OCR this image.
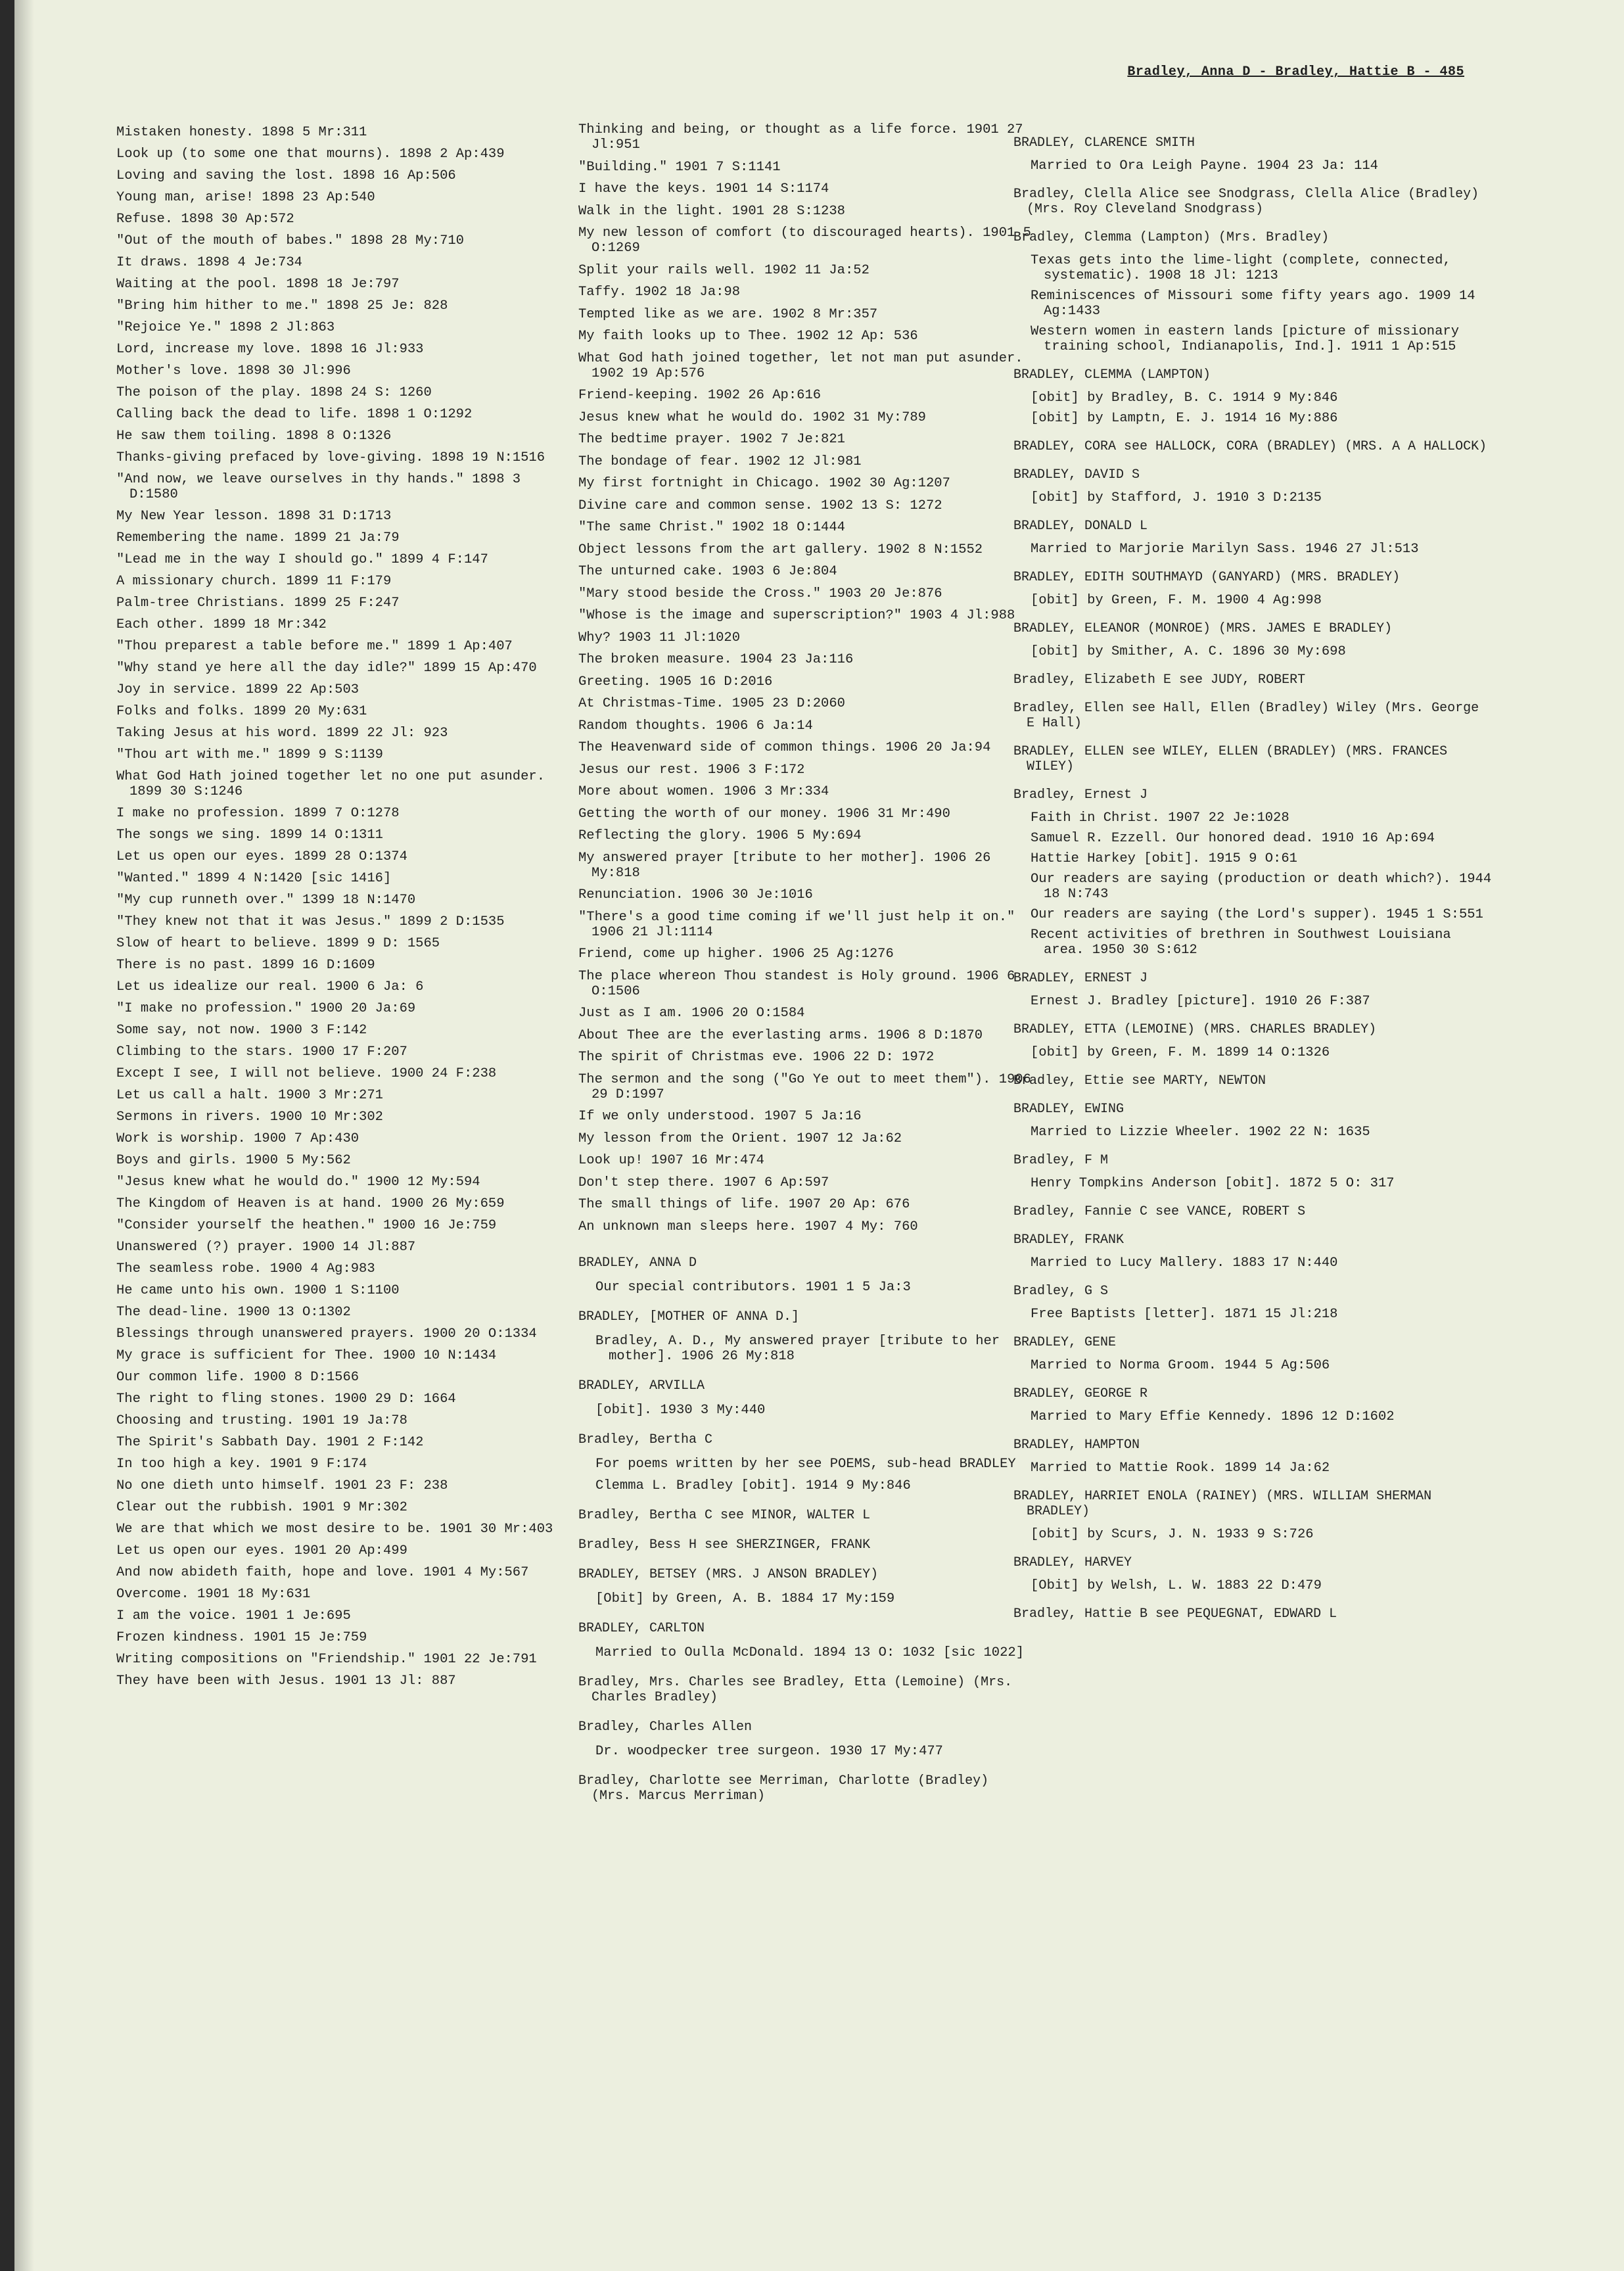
Bradley, Anna D - Bradley, Hattie B - 485
Mistaken honesty. 1898 5 Mr:311
Look up (to some one that mourns). 1898 2 Ap:439
Loving and saving the lost. 1898 16 Ap:506
Young man, arise! 1898 23 Ap:540
Refuse. 1898 30 Ap:572
"Out of the mouth of babes." 1898 28 My:710
It draws. 1898 4 Je:734
Waiting at the pool. 1898 18 Je:797
"Bring him hither to me." 1898 25 Je: 828
"Rejoice Ye." 1898 2 Jl:863
Lord, increase my love. 1898 16 Jl:933
Mother's love. 1898 30 Jl:996
The poison of the play. 1898 24 S: 1260
Calling back the dead to life. 1898 1 O:1292
He saw them toiling. 1898 8 O:1326
Thanks-giving prefaced by love-giving. 1898 19 N:1516
"And now, we leave ourselves in thy hands." 1898 3 D:1580
My New Year lesson. 1898 31 D:1713
Remembering the name. 1899 21 Ja:79
"Lead me in the way I should go." 1899 4 F:147
A missionary church. 1899 11 F:179
Palm-tree Christians. 1899 25 F:247
Each other. 1899 18 Mr:342
"Thou preparest a table before me." 1899 1 Ap:407
"Why stand ye here all the day idle?" 1899 15 Ap:470
Joy in service. 1899 22 Ap:503
Folks and folks. 1899 20 My:631
Taking Jesus at his word. 1899 22 Jl: 923
"Thou art with me." 1899 9 S:1139
What God Hath joined together let no one put asunder. 1899 30 S:1246
I make no profession. 1899 7 O:1278
The songs we sing. 1899 14 O:1311
Let us open our eyes. 1899 28 O:1374
"Wanted." 1899 4 N:1420 [sic 1416]
"My cup runneth over." 1399 18 N:1470
"They knew not that it was Jesus." 1899 2 D:1535
Slow of heart to believe. 1899 9 D: 1565
There is no past. 1899 16 D:1609
Let us idealize our real. 1900 6 Ja: 6
"I make no profession." 1900 20 Ja:69
Some say, not now. 1900 3 F:142
Climbing to the stars. 1900 17 F:207
Except I see, I will not believe. 1900 24 F:238
Let us call a halt. 1900 3 Mr:271
Sermons in rivers. 1900 10 Mr:302
Work is worship. 1900 7 Ap:430
Boys and girls. 1900 5 My:562
"Jesus knew what he would do." 1900 12 My:594
The Kingdom of Heaven is at hand. 1900 26 My:659
"Consider yourself the heathen." 1900 16 Je:759
Unanswered (?) prayer. 1900 14 Jl:887
The seamless robe. 1900 4 Ag:983
He came unto his own. 1900 1 S:1100
The dead-line. 1900 13 O:1302
Blessings through unanswered prayers. 1900 20 O:1334
My grace is sufficient for Thee. 1900 10 N:1434
Our common life. 1900 8 D:1566
The right to fling stones. 1900 29 D: 1664
Choosing and trusting. 1901 19 Ja:78
The Spirit's Sabbath Day. 1901 2 F:142
In too high a key. 1901 9 F:174
No one dieth unto himself. 1901 23 F: 238
Clear out the rubbish. 1901 9 Mr:302
We are that which we most desire to be. 1901 30 Mr:403
Let us open our eyes. 1901 20 Ap:499
And now abideth faith, hope and love. 1901 4 My:567
Overcome. 1901 18 My:631
I am the voice. 1901 1 Je:695
Frozen kindness. 1901 15 Je:759
Writing compositions on "Friendship." 1901 22 Je:791
They have been with Jesus. 1901 13 Jl: 887
Thinking and being, or thought as a life force. 1901 27 Jl:951
"Building." 1901 7 S:1141
I have the keys. 1901 14 S:1174
Walk in the light. 1901 28 S:1238
My new lesson of comfort (to discouraged hearts). 1901 5 O:1269
Split your rails well. 1902 11 Ja:52
Taffy. 1902 18 Ja:98
Tempted like as we are. 1902 8 Mr:357
My faith looks up to Thee. 1902 12 Ap: 536
What God hath joined together, let not man put asunder. 1902 19 Ap:576
Friend-keeping. 1902 26 Ap:616
Jesus knew what he would do. 1902 31 My:789
The bedtime prayer. 1902 7 Je:821
The bondage of fear. 1902 12 Jl:981
My first fortnight in Chicago. 1902 30 Ag:1207
Divine care and common sense. 1902 13 S: 1272
"The same Christ." 1902 18 O:1444
Object lessons from the art gallery. 1902 8 N:1552
The unturned cake. 1903 6 Je:804
"Mary stood beside the Cross." 1903 20 Je:876
"Whose is the image and superscription?" 1903 4 Jl:988
Why? 1903 11 Jl:1020
The broken measure. 1904 23 Ja:116
Greeting. 1905 16 D:2016
At Christmas-Time. 1905 23 D:2060
Random thoughts. 1906 6 Ja:14
The Heavenward side of common things. 1906 20 Ja:94
Jesus our rest. 1906 3 F:172
More about women. 1906 3 Mr:334
Getting the worth of our money. 1906 31 Mr:490
Reflecting the glory. 1906 5 My:694
My answered prayer [tribute to her mother]. 1906 26 My:818
Renunciation. 1906 30 Je:1016
"There's a good time coming if we'll just help it on." 1906 21 Jl:1114
Friend, come up higher. 1906 25 Ag:1276
The place whereon Thou standest is Holy ground. 1906 6 O:1506
Just as I am. 1906 20 O:1584
About Thee are the everlasting arms. 1906 8 D:1870
The spirit of Christmas eve. 1906 22 D: 1972
The sermon and the song ("Go Ye out to meet them"). 1906 29 D:1997
If we only understood. 1907 5 Ja:16
My lesson from the Orient. 1907 12 Ja:62
Look up! 1907 16 Mr:474
Don't step there. 1907 6 Ap:597
The small things of life. 1907 20 Ap: 676
An unknown man sleeps here. 1907 4 My: 760
BRADLEY, ANNA D
Our special contributors. 1901 1 5 Ja:3
BRADLEY, [MOTHER OF ANNA D.]
Bradley, A. D., My answered prayer [tribute to her mother]. 1906 26 My:818
BRADLEY, ARVILLA
[obit]. 1930 3 My:440
Bradley, Bertha C
For poems written by her see POEMS, sub-head BRADLEY
Clemma L. Bradley [obit]. 1914 9 My:846
Bradley, Bertha C see MINOR, WALTER L
Bradley, Bess H see SHERZINGER, FRANK
BRADLEY, BETSEY (MRS. J ANSON BRADLEY)
[Obit] by Green, A. B. 1884 17 My:159
BRADLEY, CARLTON
Married to Oulla McDonald. 1894 13 O: 1032 [sic 1022]
Bradley, Mrs. Charles see Bradley, Etta (Lemoine) (Mrs. Charles Bradley)
Bradley, Charles Allen
Dr. woodpecker tree surgeon. 1930 17 My:477
Bradley, Charlotte see Merriman, Charlotte (Bradley) (Mrs. Marcus Merriman)
BRADLEY, CLARENCE SMITH
Married to Ora Leigh Payne. 1904 23 Ja: 114
Bradley, Clella Alice see Snodgrass, Clella Alice (Bradley) (Mrs. Roy Cleveland Snodgrass)
Bradley, Clemma (Lampton) (Mrs. Bradley)
Texas gets into the lime-light (complete, connected, systematic). 1908 18 Jl: 1213
Reminiscences of Missouri some fifty years ago. 1909 14 Ag:1433
Western women in eastern lands [picture of missionary training school, Indianapolis, Ind.]. 1911 1 Ap:515
BRADLEY, CLEMMA (LAMPTON)
[obit] by Bradley, B. C. 1914 9 My:846
[obit] by Lamptn, E. J. 1914 16 My:886
BRADLEY, CORA see HALLOCK, CORA (BRADLEY) (MRS. A A HALLOCK)
BRADLEY, DAVID S
[obit] by Stafford, J. 1910 3 D:2135
BRADLEY, DONALD L
Married to Marjorie Marilyn Sass. 1946 27 Jl:513
BRADLEY, EDITH SOUTHMAYD (GANYARD) (MRS. BRADLEY)
[obit] by Green, F. M. 1900 4 Ag:998
BRADLEY, ELEANOR (MONROE) (MRS. JAMES E BRADLEY)
[obit] by Smither, A. C. 1896 30 My:698
Bradley, Elizabeth E see JUDY, ROBERT
Bradley, Ellen see Hall, Ellen (Bradley) Wiley (Mrs. George E Hall)
BRADLEY, ELLEN see WILEY, ELLEN (BRADLEY) (MRS. FRANCES WILEY)
Bradley, Ernest J
Faith in Christ. 1907 22 Je:1028
Samuel R. Ezzell. Our honored dead. 1910 16 Ap:694
Hattie Harkey [obit]. 1915 9 O:61
Our readers are saying (production or death which?). 1944 18 N:743
Our readers are saying (the Lord's supper). 1945 1 S:551
Recent activities of brethren in Southwest Louisiana area. 1950 30 S:612
BRADLEY, ERNEST J
Ernest J. Bradley [picture]. 1910 26 F:387
BRADLEY, ETTA (LEMOINE) (MRS. CHARLES BRADLEY)
[obit] by Green, F. M. 1899 14 O:1326
Bradley, Ettie see MARTY, NEWTON
BRADLEY, EWING
Married to Lizzie Wheeler. 1902 22 N: 1635
Bradley, F M
Henry Tompkins Anderson [obit]. 1872 5 O: 317
Bradley, Fannie C see VANCE, ROBERT S
BRADLEY, FRANK
Married to Lucy Mallery. 1883 17 N:440
Bradley, G S
Free Baptists [letter]. 1871 15 Jl:218
BRADLEY, GENE
Married to Norma Groom. 1944 5 Ag:506
BRADLEY, GEORGE R
Married to Mary Effie Kennedy. 1896 12 D:1602
BRADLEY, HAMPTON
Married to Mattie Rook. 1899 14 Ja:62
BRADLEY, HARRIET ENOLA (RAINEY) (MRS. WILLIAM SHERMAN BRADLEY)
[obit] by Scurs, J. N. 1933 9 S:726
BRADLEY, HARVEY
[Obit] by Welsh, L. W. 1883 22 D:479
Bradley, Hattie B see PEQUEGNAT, EDWARD L
